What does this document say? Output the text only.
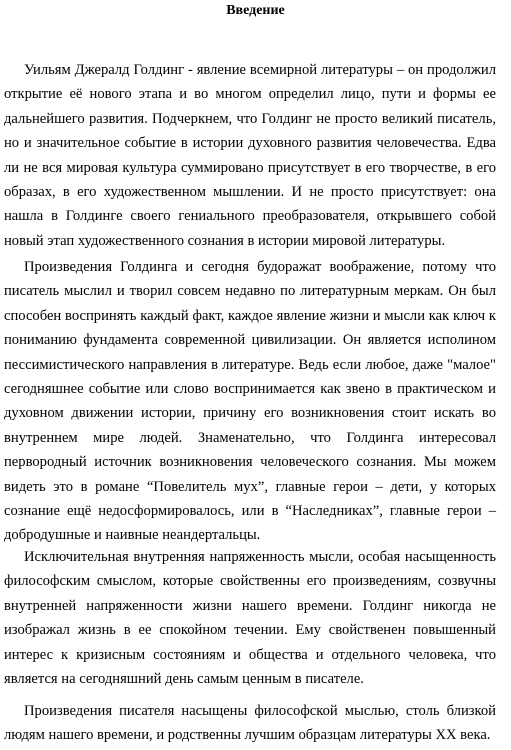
Введение

Уильям Джералд Голдинг - явление всемирной литературы – он продолжил открытие её нового этапа и во многом определил лицо, пути и формы ее дальнейшего развития. Подчеркнем, что Голдинг не просто великий писатель, но и значительное событие в истории духовного развития человечества. Едва ли не вся мировая культура суммировано присутствует в его творчестве, в его образах, в его художественном мышлении. И не просто присутствует: она нашла в Голдинге своего гениального преобразователя, открывшего собой новый этап художественного сознания в истории мировой литературы.

Произведения Голдинга и сегодня будоражат воображение, потому что писатель мыслил и творил совсем недавно по литературным меркам. Он был способен воспринять каждый факт, каждое явление жизни и мысли как ключ к пониманию фундамента современной цивилизации. Он является исполином пессимистического направления в литературе. Ведь если любое, даже "малое" сегодняшнее событие или слово воспринимается как звено в практическом и духовном движении истории, причину его возникновения стоит искать во внутреннем мире людей. Знаменательно, что Голдинга интересовал первородный источник возникновения человеческого сознания. Мы можем видеть это в романе “Повелитель мух”, главные герои – дети, у которых сознание ещё недосформировалось, или в “Наследниках”, главные герои – добродушные и наивные неандертальцы.

Исключительная внутренняя напряженность мысли, особая насыщенность философским смыслом, которые свойственны его произведениям, созвучны внутренней напряженности жизни нашего времени. Голдинг никогда не изображал жизнь в ее спокойном течении. Ему свойственен повышенный интерес к кризисным состояниям и общества и отдельного человека, что является на сегодняшний день самым ценным в писателе.

Произведения писателя насыщены философской мыслью, столь близкой людям нашего времени, и родственны лучшим образцам литературы XX века.
